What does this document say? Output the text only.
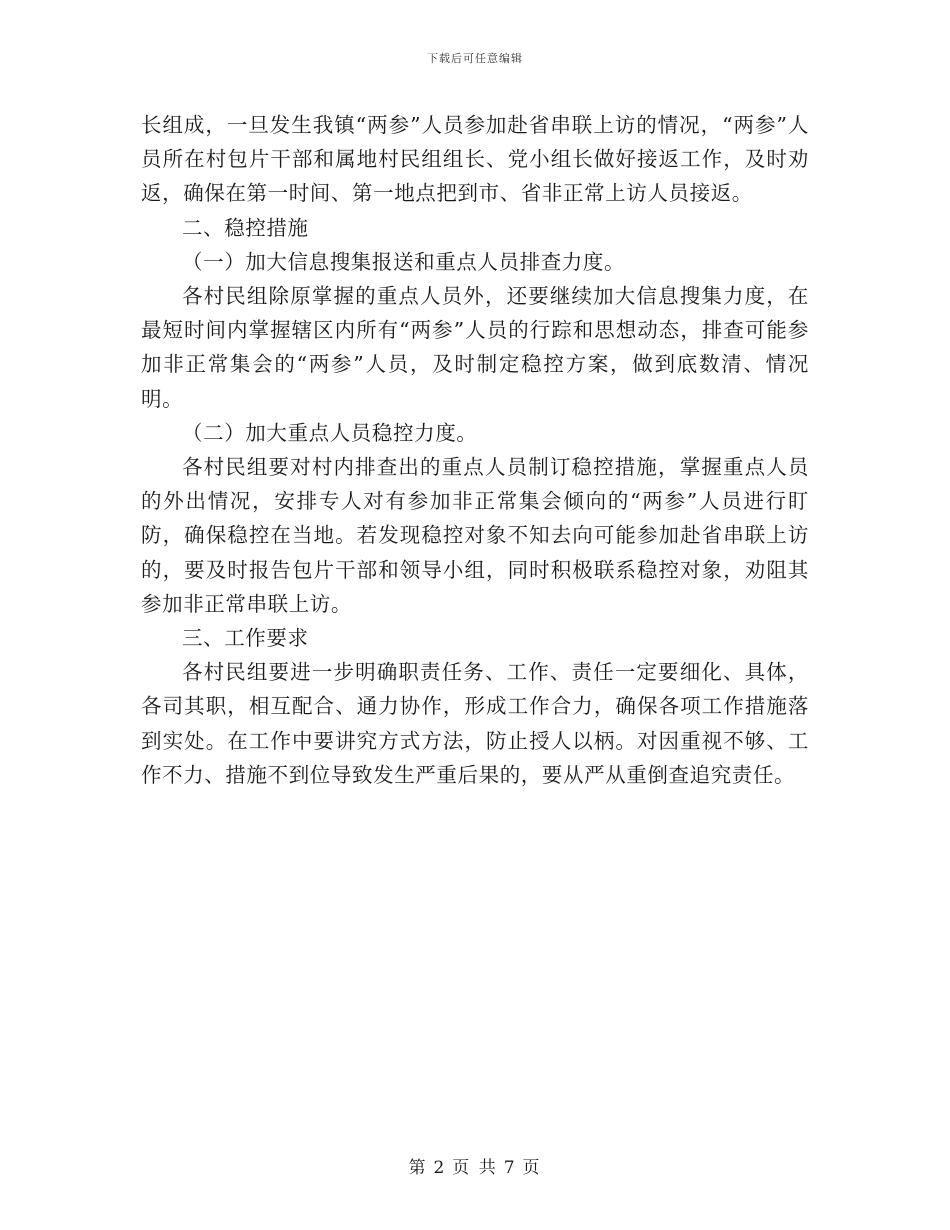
下载后可任意编辑

长组成，一旦发生我镇“两参”人员参加赴省串联上访的情况，“两参”人员所在村包片干部和属地村民组组长、党小组长做好接返工作，及时劝返，确保在第一时间、第一地点把到市、省非正常上访人员接返。

二、稳控措施

（一）加大信息搜集报送和重点人员排查力度。

各村民组除原掌握的重点人员外，还要继续加大信息搜集力度，在最短时间内掌握辖区内所有“两参”人员的行踪和思想动态，排查可能参加非正常集会的“两参”人员，及时制定稳控方案，做到底数清、情况明。

（二）加大重点人员稳控力度。

各村民组要对村内排查出的重点人员制订稳控措施，掌握重点人员的外出情况，安排专人对有参加非正常集会倾向的“两参”人员进行盯防，确保稳控在当地。若发现稳控对象不知去向可能参加赴省串联上访的，要及时报告包片干部和领导小组，同时积极联系稳控对象，劝阻其参加非正常串联上访。

三、工作要求

各村民组要进一步明确职责任务、工作、责任一定要细化、具体，各司其职，相互配合、通力协作，形成工作合力，确保各项工作措施落到实处。在工作中要讲究方式方法，防止授人以柄。对因重视不够、工作不力、措施不到位导致发生严重后果的，要从严从重倒查追究责任。

第 2 页 共 7 页
